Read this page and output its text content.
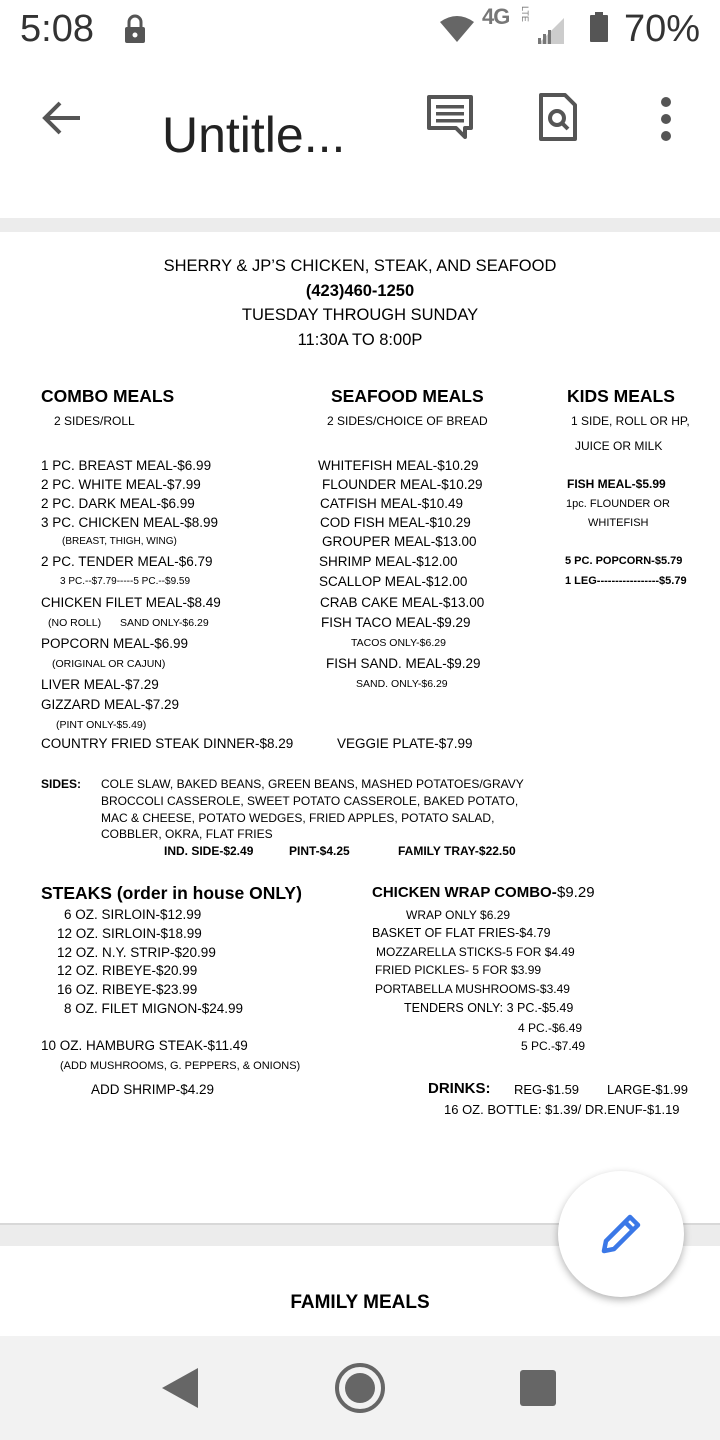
5:08	4G LTE 70%
Untitle...
SHERRY & JP’S CHICKEN, STEAK, AND SEAFOOD
(423)460-1250
TUESDAY THROUGH SUNDAY
11:30A TO 8:00P
COMBO MEALS
2 SIDES/ROLL
1 PC. BREAST MEAL-$6.99
2 PC. WHITE MEAL-$7.99
2 PC. DARK MEAL-$6.99
3 PC. CHICKEN MEAL-$8.99
(BREAST, THIGH, WING)
2 PC. TENDER MEAL-$6.79
3 PC.--$7.79-----5 PC.--$9.59
CHICKEN FILET MEAL-$8.49
(NO ROLL) SAND ONLY-$6.29
POPCORN MEAL-$6.99
(ORIGINAL OR CAJUN)
LIVER MEAL-$7.29
GIZZARD MEAL-$7.29
(PINT ONLY-$5.49)
COUNTRY FRIED STEAK DINNER-$8.29
SEAFOOD MEALS
2 SIDES/CHOICE OF BREAD
WHITEFISH MEAL-$10.29
FLOUNDER MEAL-$10.29
CATFISH MEAL-$10.49
COD FISH MEAL-$10.29
GROUPER MEAL-$13.00
SHRIMP MEAL-$12.00
SCALLOP MEAL-$12.00
CRAB CAKE MEAL-$13.00
FISH TACO MEAL-$9.29
TACOS ONLY-$6.29
FISH SAND. MEAL-$9.29
SAND. ONLY-$6.29
VEGGIE PLATE-$7.99
KIDS MEALS
1 SIDE, ROLL OR HP,
JUICE OR MILK
FISH MEAL-$5.99
1pc. FLOUNDER OR
WHITEFISH
5 PC. POPCORN-$5.79
1 LEG-----------------$5.79
SIDES: COLE SLAW, BAKED BEANS, GREEN BEANS, MASHED POTATOES/GRAVY
BROCCOLI CASSEROLE, SWEET POTATO CASSEROLE, BAKED POTATO,
MAC & CHEESE, POTATO WEDGES, FRIED APPLES, POTATO SALAD,
COBBLER, OKRA, FLAT FRIES
IND. SIDE-$2.49	PINT-$4.25	FAMILY TRAY-$22.50
STEAKS (order in house ONLY)
6 OZ. SIRLOIN-$12.99
12 OZ. SIRLOIN-$18.99
12 OZ. N.Y. STRIP-$20.99
12 OZ. RIBEYE-$20.99
16 OZ. RIBEYE-$23.99
8 OZ. FILET MIGNON-$24.99
10 OZ. HAMBURG STEAK-$11.49
(ADD MUSHROOMS, G. PEPPERS, & ONIONS)
ADD SHRIMP-$4.29
CHICKEN WRAP COMBO- $9.29
WRAP ONLY $6.29
BASKET OF FLAT FRIES-$4.79
MOZZARELLA STICKS-5 FOR $4.49
FRIED PICKLES- 5 FOR $3.99
PORTABELLA MUSHROOMS-$3.49
TENDERS ONLY: 3 PC.-$5.49
4 PC.-$6.49
5 PC.-$7.49
DRINKS: REG-$1.59 LARGE-$1.99
16 OZ. BOTTLE: $1.39/ DR.ENUF-$1.19
FAMILY MEALS
